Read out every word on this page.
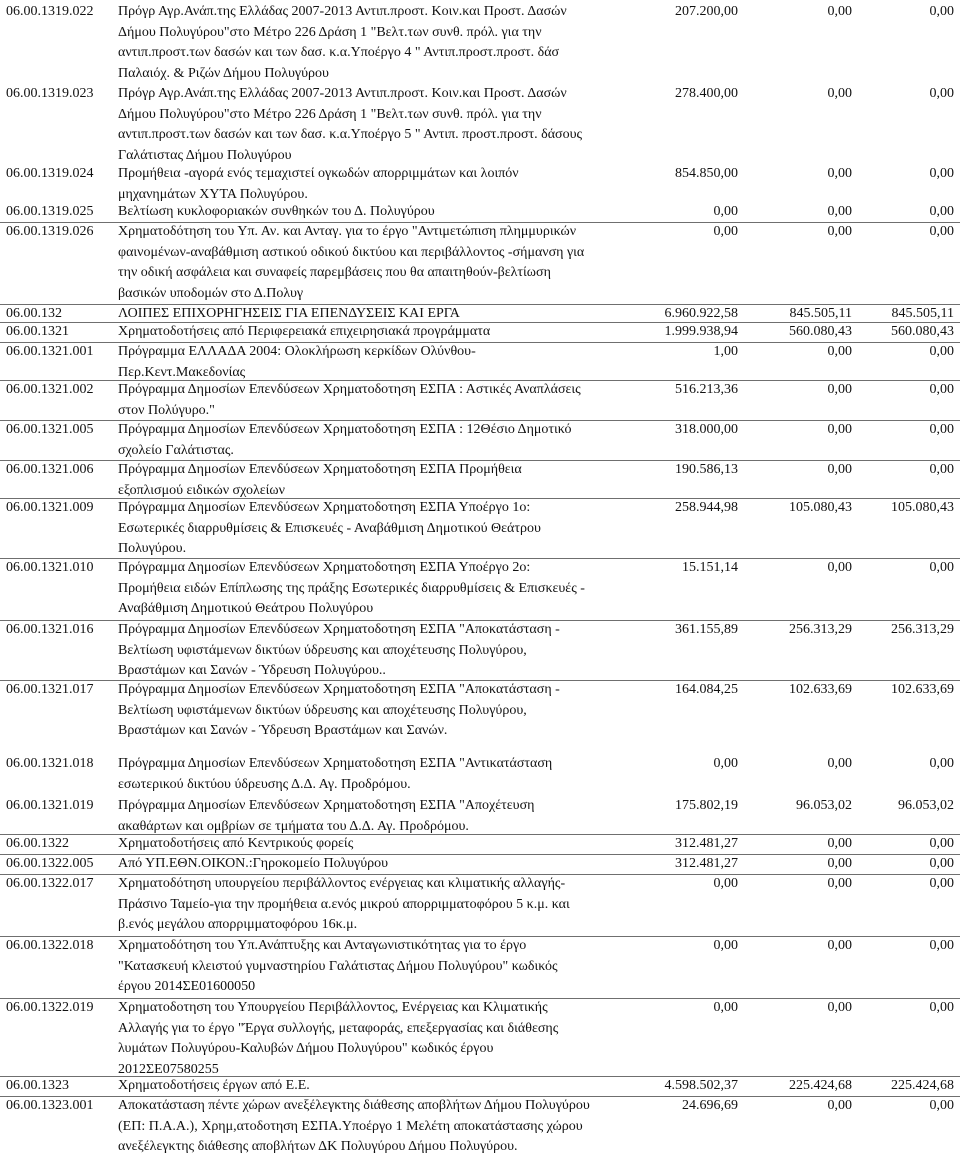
06.00.1319.022 Πρόγρ Αγρ.Ανάπ.της Ελλάδας 2007-2013 Αντιπ.προστ. Κοιν.και Προστ. Δασών
Δήμου Πολυγύρου"στο Μέτρο 226 Δράση 1 "Βελτ.των συνθ. πρόλ. για την
αντιπ.προστ.των δασών και των δασ. κ.α.Υποέργο 4 " Αντιπ.προστ.προστ. δάσ
Παλαιόχ. & Ριζών Δήμου Πολυγύρου
207.200,00	0,00	0,00
06.00.1319.023 Πρόγρ Αγρ.Ανάπ.της Ελλάδας 2007-2013 Αντιπ.προστ. Κοιν.και Προστ. Δασών
Δήμου Πολυγύρου"στο Μέτρο 226 Δράση 1 "Βελτ.των συνθ. πρόλ. για την
αντιπ.προστ.των δασών και των δασ. κ.α.Υποέργο 5 " Αντιπ. προστ.προστ. δάσους
Γαλάτιστας Δήμου Πολυγύρου
278.400,00	0,00	0,00
06.00.1319.024 Προμήθεια -αγορά ενός τεμαχιστεί ογκωδών απορριμμάτων και λοιπόν
μηχανημάτων ΧΥΤΑ Πολυγύρου.
854.850,00	0,00	0,00
06.00.1319.025 Βελτίωση κυκλοφοριακών συνθηκών του Δ. Πολυγύρου	0,00	0,00	0,00
06.00.1319.026 Χρηματοδότηση του Υπ. Αν. και Ανταγ. για το έργο "Αντιμετώπιση πλημμυρικών
φαινομένων-αναβάθμιση αστικού οδικού δικτύου και περιβάλλοντος -σήμανση για
την οδική ασφάλεια και συναφείς παρεμβάσεις που θα απαιτηθούν-βελτίωση
βασικών υποδομών στο Δ.Πολυγ
0,00	0,00	0,00
06.00.132	ΛΟΙΠΕΣ ΕΠΙΧΟΡΗΓΗΣΕΙΣ ΓΙΑ ΕΠΕΝΔΥΣΕΙΣ ΚΑΙ ΕΡΓΑ	6.960.922,58	845.505,11	845.505,11
06.00.1321	Χρηματοδοτήσεις από Περιφερειακά επιχειρησιακά προγράμματα	1.999.938,94	560.080,43	560.080,43
06.00.1321.001 Πρόγραμμα ΕΛΛΑΔΑ 2004: Ολοκλήρωση κερκίδων Ολύνθου-
Περ.Κεντ.Μακεδονίας
1,00	0,00	0,00
06.00.1321.002 Πρόγραμμα Δημοσίων Επενδύσεων Χρηματοδοτηση ΕΣΠΑ : Αστικές Αναπλάσεις
στον Πολύγυρο."
516.213,36	0,00	0,00
06.00.1321.005 Πρόγραμμα Δημοσίων Επενδύσεων Χρηματοδοτηση ΕΣΠΑ : 12Θέσιο Δημοτικό
σχολείο Γαλάτιστας.
318.000,00	0,00	0,00
06.00.1321.006 Πρόγραμμα Δημοσίων Επενδύσεων Χρηματοδοτηση ΕΣΠΑ Προμήθεια
εξοπλισμού ειδικών σχολείων
190.586,13	0,00	0,00
06.00.1321.009 Πρόγραμμα Δημοσίων Επενδύσεων Χρηματοδοτηση ΕΣΠΑ Υποέργο 1ο:
Εσωτερικές διαρρυθμίσεις & Επισκευές - Αναβάθμιση Δημοτικού Θεάτρου
Πολυγύρου.
258.944,98	105.080,43	105.080,43
06.00.1321.010 Πρόγραμμα Δημοσίων Επενδύσεων Χρηματοδοτηση ΕΣΠΑ Υποέργο 2ο:
Προμήθεια ειδών Επίπλωσης της πράξης Εσωτερικές διαρρυθμίσεις & Επισκευές -
Αναβάθμιση Δημοτικού Θεάτρου Πολυγύρου
15.151,14	0,00	0,00
06.00.1321.016 Πρόγραμμα Δημοσίων Επενδύσεων Χρηματοδοτηση ΕΣΠΑ "Αποκατάσταση -
Βελτίωση υφιστάμενων δικτύων ύδρευσης και αποχέτευσης Πολυγύρου,
Βραστάμων και Σανών - Ύδρευση Πολυγύρου..
361.155,89	256.313,29	256.313,29
06.00.1321.017 Πρόγραμμα Δημοσίων Επενδύσεων Χρηματοδοτηση ΕΣΠΑ "Αποκατάσταση -
Βελτίωση υφιστάμενων δικτύων ύδρευσης και αποχέτευσης Πολυγύρου,
Βραστάμων και Σανών - Ύδρευση Βραστάμων και Σανών.
164.084,25	102.633,69	102.633,69
06.00.1321.018 Πρόγραμμα Δημοσίων Επενδύσεων Χρηματοδοτηση ΕΣΠΑ "Αντικατάσταση
εσωτερικού δικτύου ύδρευσης Δ.Δ. Αγ. Προδρόμου.
0,00	0,00	0,00
06.00.1321.019 Πρόγραμμα Δημοσίων Επενδύσεων Χρηματοδοτηση ΕΣΠΑ "Αποχέτευση
ακαθάρτων και ομβρίων σε τμήματα του Δ.Δ. Αγ. Προδρόμου.
175.802,19	96.053,02	96.053,02
06.00.1322	Χρηματοδοτήσεις από Κεντρικούς φορείς	312.481,27	0,00	0,00
06.00.1322.005 Από ΥΠ.ΕΘΝ.ΟΙΚΟΝ.:Γηροκομείο Πολυγύρου	312.481,27	0,00	0,00
06.00.1322.017 Χρηματοδότηση υπουργείου περιβάλλοντος ενέργειας και κλιματικής αλλαγής-
Πράσινο Ταμείο-για την προμήθεια α.ενός μικρού απορριμματοφόρου 5 κ.μ. και
β.ενός μεγάλου απορριμματοφόρου 16κ.μ.
0,00	0,00	0,00
06.00.1322.018 Χρηματοδότηση του Υπ.Ανάπτυξης και Ανταγωνιστικότητας για το έργο
"Κατασκευή κλειστού γυμναστηρίου Γαλάτιστας Δήμου Πολυγύρου" κωδικός
έργου 2014ΣΕ01600050
0,00	0,00	0,00
06.00.1322.019 Χρηματοδοτηση του Υπουργείου Περιβάλλοντος, Ενέργειας και Κλιματικής
Αλλαγής για το έργο "Έργα συλλογής, μεταφοράς, επεξεργασίας και διάθεσης
λυμάτων Πολυγύρου-Καλυβών Δήμου Πολυγύρου" κωδικός έργου
2012ΣΕ07580255
0,00	0,00	0,00
06.00.1323	Χρηματοδοτήσεις έργων από Ε.Ε.	4.598.502,37	225.424,68	225.424,68
06.00.1323.001 Αποκατάσταση πέντε χώρων ανεξέλεγκτης διάθεσης αποβλήτων Δήμου Πολυγύρου
(ΕΠ: Π.Α.Α.), Χρημ,ατοδοτηση ΕΣΠΑ.Υποέργο 1 Μελέτη αποκατάστασης χώρου
ανεξέλεγκτης διάθεσης αποβλήτων ΔΚ Πολυγύρου Δήμου Πολυγύρου.
24.696,69	0,00	0,00
